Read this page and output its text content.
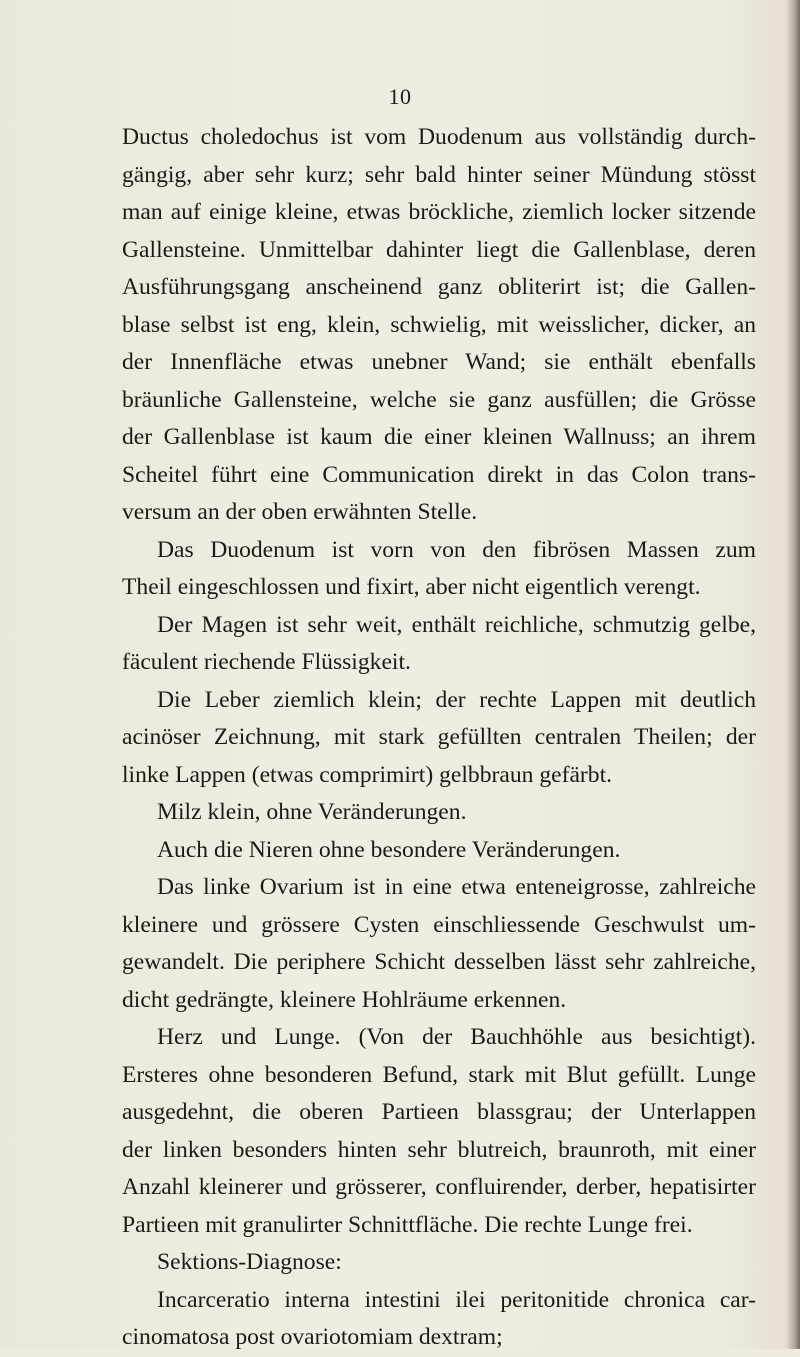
10
Ductus choledochus ist vom Duodenum aus vollständig durch-
gängig, aber sehr kurz; sehr bald hinter seiner Mündung stösst
man auf einige kleine, etwas bröckliche, ziemlich locker sitzende
Gallensteine. Unmittelbar dahinter liegt die Gallenblase, deren
Ausführungsgang anscheinend ganz obliterirt ist; die Gallen-
blase selbst ist eng, klein, schwielig, mit weisslicher, dicker, an
der Innenfläche etwas unebner Wand; sie enthält ebenfalls
bräunliche Gallensteine, welche sie ganz ausfüllen; die Grösse
der Gallenblase ist kaum die einer kleinen Wallnuss; an ihrem
Scheitel führt eine Communication direkt in das Colon trans-
versum an der oben erwähnten Stelle.
Das Duodenum ist vorn von den fibrösen Massen zum
Theil eingeschlossen und fixirt, aber nicht eigentlich verengt.
Der Magen ist sehr weit, enthält reichliche, schmutzig gelbe,
fäculent riechende Flüssigkeit.
Die Leber ziemlich klein; der rechte Lappen mit deutlich
acinöser Zeichnung, mit stark gefüllten centralen Theilen; der
linke Lappen (etwas comprimirt) gelbbraun gefärbt.
Milz klein, ohne Veränderungen.
Auch die Nieren ohne besondere Veränderungen.
Das linke Ovarium ist in eine etwa enteneigrosse, zahlreiche
kleinere und grössere Cysten einschliessende Geschwulst um-
gewandelt. Die periphere Schicht desselben lässt sehr zahlreiche,
dicht gedrängte, kleinere Hohlräume erkennen.
Herz und Lunge. (Von der Bauchhöhle aus besichtigt).
Ersteres ohne besonderen Befund, stark mit Blut gefüllt. Lunge
ausgedehnt, die oberen Partieen blassgrau; der Unterlappen
der linken besonders hinten sehr blutreich, braunroth, mit einer
Anzahl kleinerer und grösserer, confluirender, derber, hepatisirter
Partieen mit granulirter Schnittfläche. Die rechte Lunge frei.
Sektions-Diagnose:
Incarceratio interna intestini ilei peritonitide chronica car-
cinomatosa post ovariotomiam dextram;
